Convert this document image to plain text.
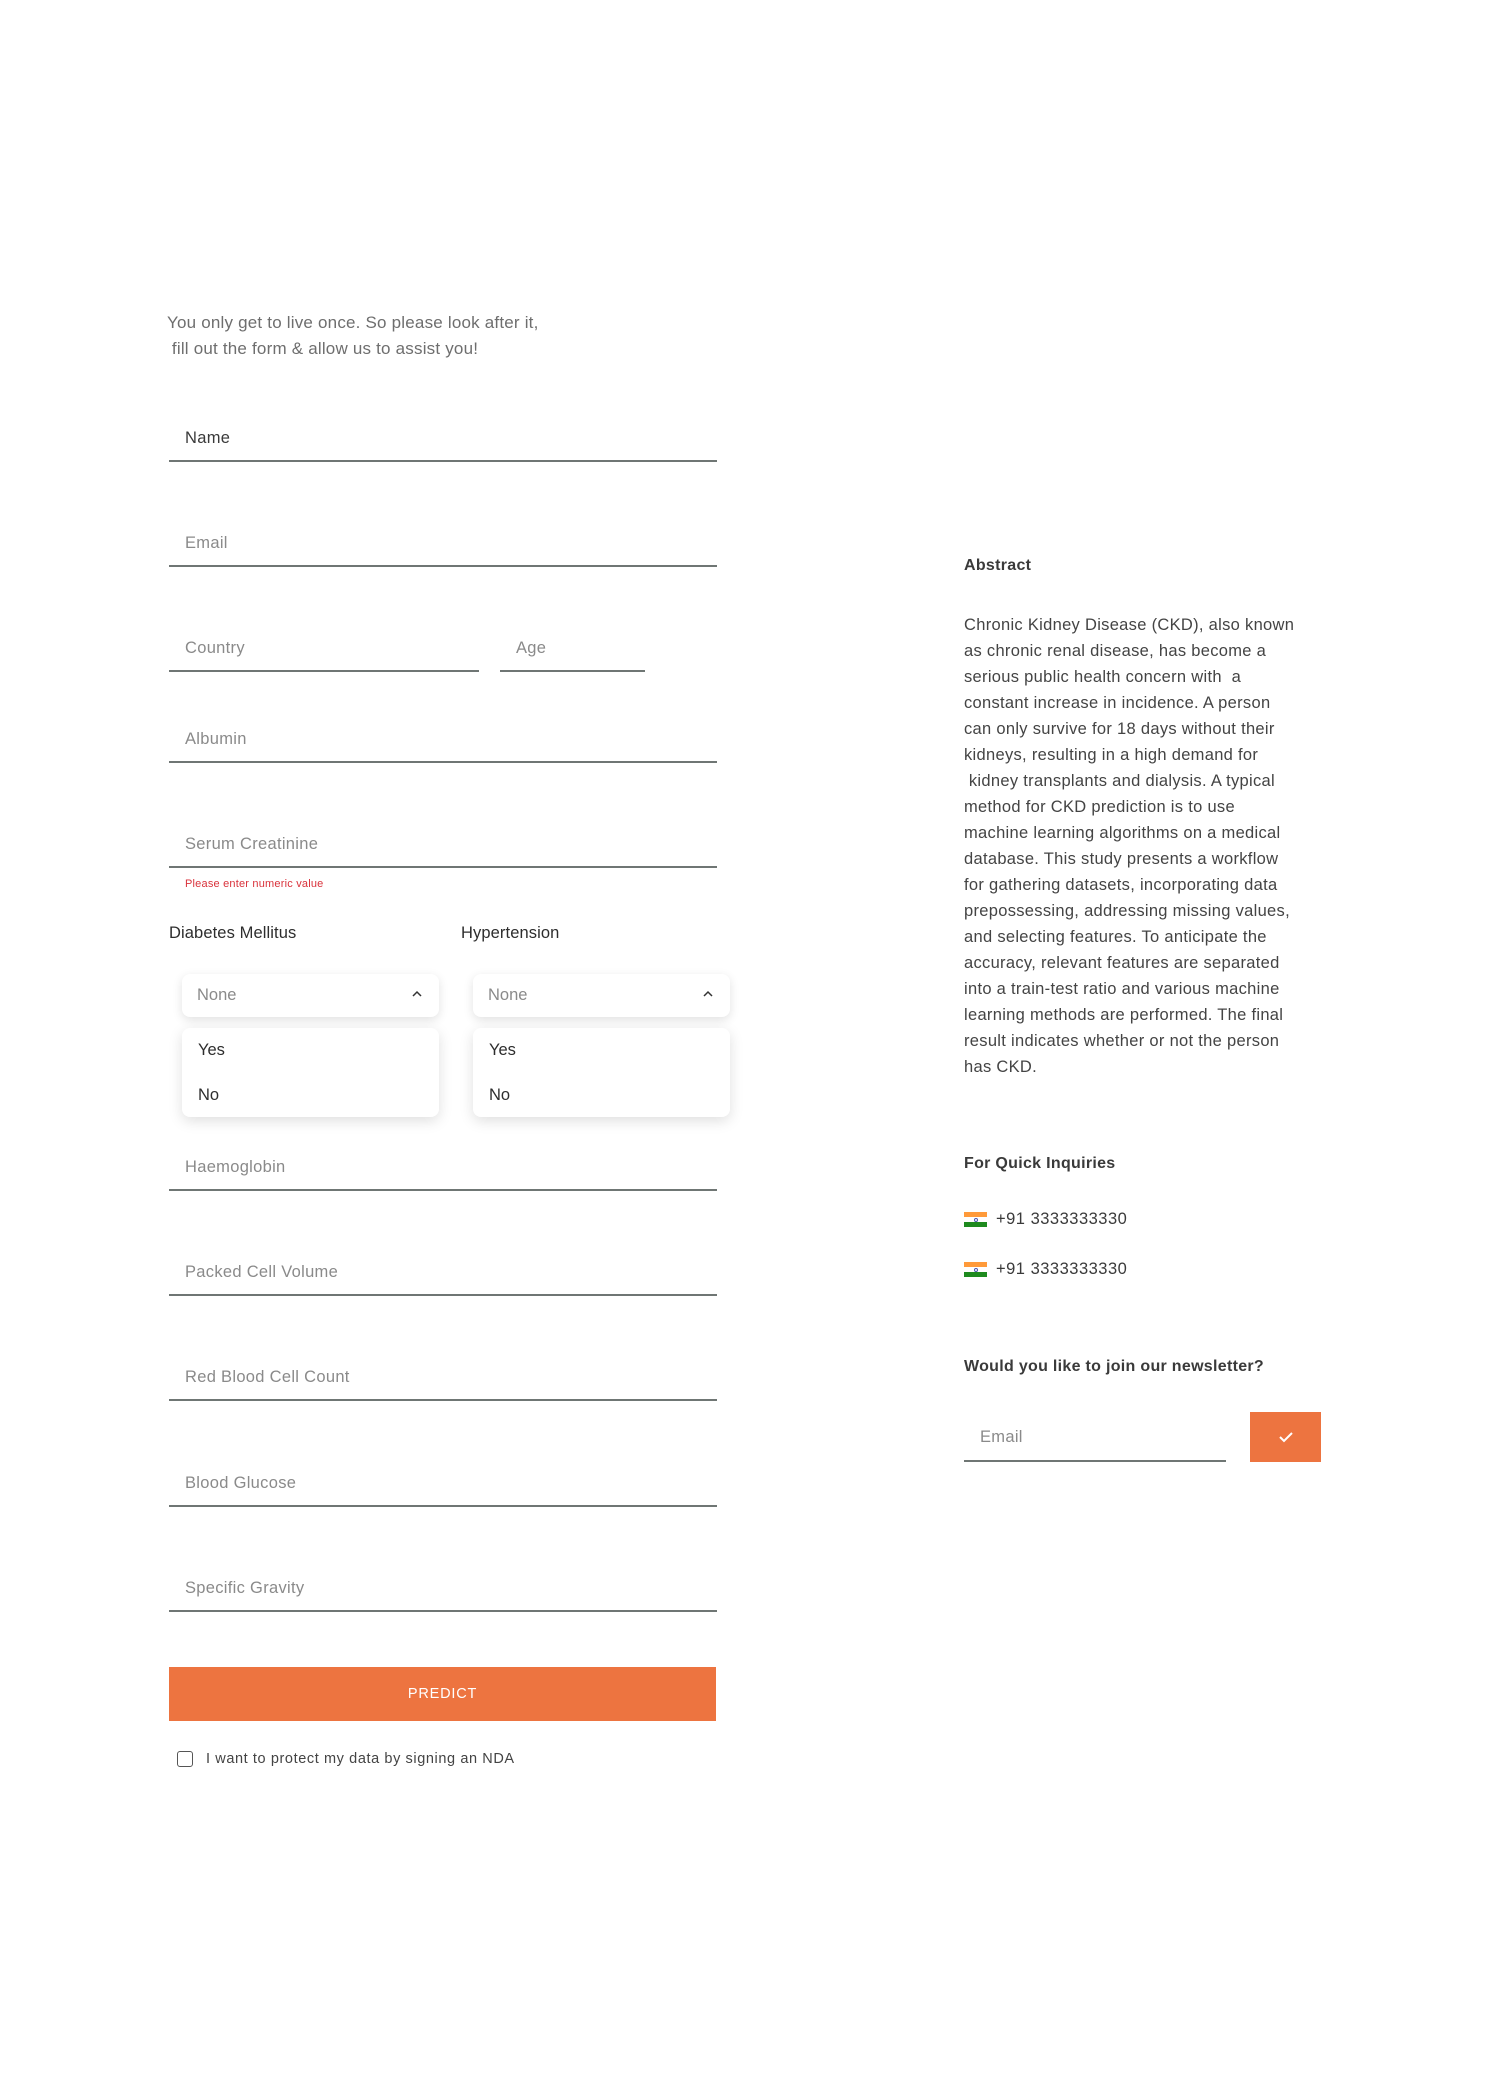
You only get to live once. So please look after it,
fill out the form & allow us to assist you!
Name
Email
Country	Age
Albumin
Serum Creatinine
Please enter numeric value
Diabetes Mellitus	Hypertension
None
Yes
No
None
Yes
No
Haemoglobin
Packed Cell Volume
Red Blood Cell Count
Blood Glucose
Specific Gravity
PREDICT
I want to protect my data by signing an NDA
Abstract
Chronic Kidney Disease (CKD), also known
as chronic renal disease, has become a
serious public health concern with  a
constant increase in incidence. A person
can only survive for 18 days without their
kidneys, resulting in a high demand for
kidney transplants and dialysis. A typical
method for CKD prediction is to use
machine learning algorithms on a medical
database. This study presents a workflow
for gathering datasets, incorporating data
prepossessing, addressing missing values,
and selecting features. To anticipate the
accuracy, relevant features are separated
into a train-test ratio and various machine
learning methods are performed. The final
result indicates whether or not the person
has CKD.
For Quick Inquiries
+91 3333333330
+91 3333333330
Would you like to join our newsletter?
Email
